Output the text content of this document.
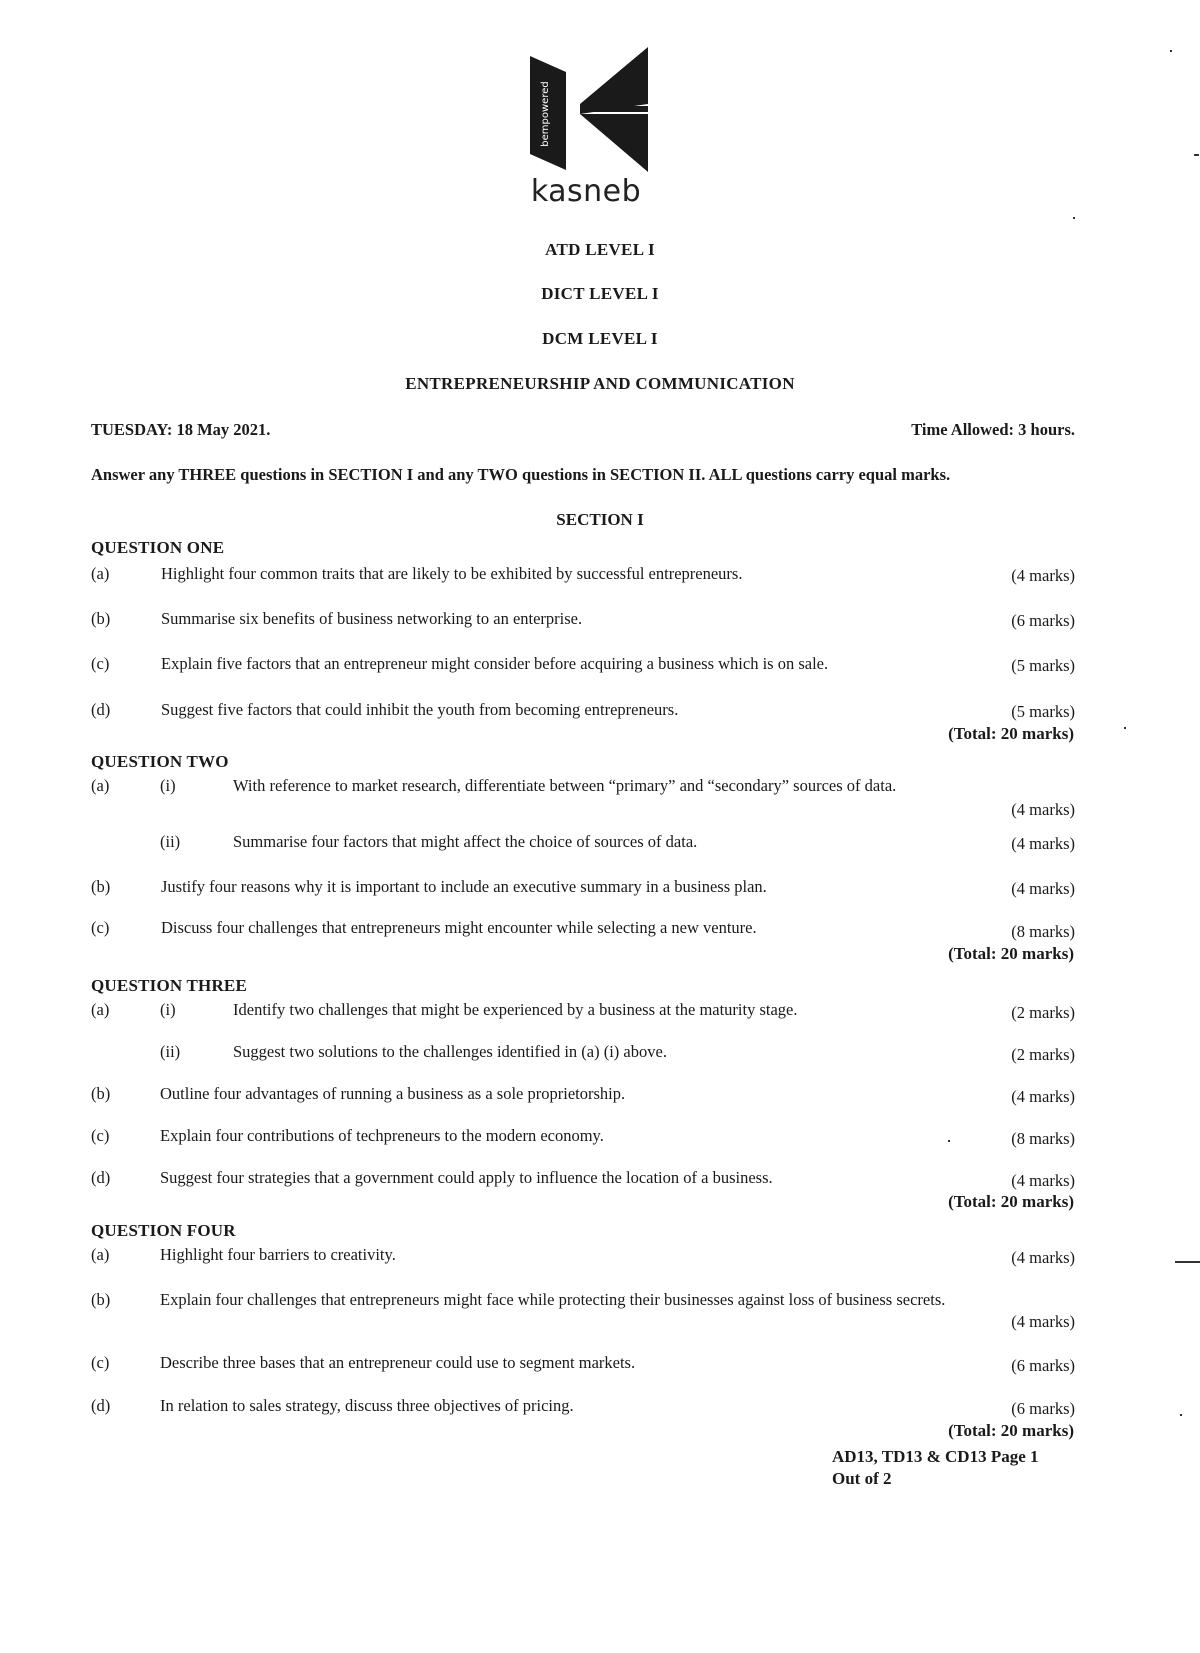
bempowered
kasneb
ATD LEVEL I
DICT LEVEL I
DCM LEVEL I
ENTREPRENEURSHIP AND COMMUNICATION
TUESDAY: 18 May 2021.	Time Allowed: 3 hours.
Answer any THREE questions in SECTION I and any TWO questions in SECTION II. ALL questions carry equal marks.
SECTION I
QUESTION ONE
(a)	Highlight four common traits that are likely to be exhibited by successful entrepreneurs.	(4 marks)
(b)	Summarise six benefits of business networking to an enterprise.	(6 marks)
(c)	Explain five factors that an entrepreneur might consider before acquiring a business which is on sale.	(5 marks)
(d)	Suggest five factors that could inhibit the youth from becoming entrepreneurs.	(5 marks)
(Total: 20 marks)
QUESTION TWO
(a)	(i)	With reference to market research, differentiate between “primary” and “secondary” sources of data.
(4 marks)
(ii)	Summarise four factors that might affect the choice of sources of data.	(4 marks)
(b)	Justify four reasons why it is important to include an executive summary in a business plan.	(4 marks)
(c)	Discuss four challenges that entrepreneurs might encounter while selecting a new venture.	(8 marks)
(Total: 20 marks)
QUESTION THREE
(a)	(i)	Identify two challenges that might be experienced by a business at the maturity stage.	(2 marks)
(ii)	Suggest two solutions to the challenges identified in (a) (i) above.	(2 marks)
(b)	Outline four advantages of running a business as a sole proprietorship.	(4 marks)
(c)	Explain four contributions of techpreneurs to the modern economy.	(8 marks)
(d)	Suggest four strategies that a government could apply to influence the location of a business.	(4 marks)
(Total: 20 marks)
QUESTION FOUR
(a)	Highlight four barriers to creativity.	(4 marks)
(b)	Explain four challenges that entrepreneurs might face while protecting their businesses against loss of business secrets.
(4 marks)
(c)	Describe three bases that an entrepreneur could use to segment markets.	(6 marks)
(d)	In relation to sales strategy, discuss three objectives of pricing.	(6 marks)
(Total: 20 marks)
AD13, TD13 & CD13 Page 1
Out of 2
